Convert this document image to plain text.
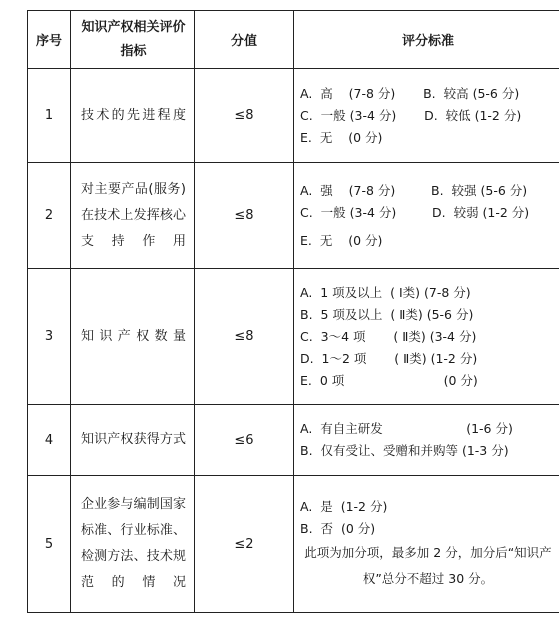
序号	知识产权相关评价指标	分值	评分标准
1	技术的先进程度	≤8	A.  高    (7-8 分)       B.  较高 (5-6 分)
C.  一般 (3-4 分)       D.  较低 (1-2 分)
E.  无    (0 分)

2	对主要产品(服务)在技术上发挥核心支持作用	≤8	A.  强    (7-8 分)         B.  较强 (5-6 分)
C.  一般 (3-4 分)         D.  较弱 (1-2 分)
E.  无    (0 分)

3	知识产权数量	≤8	A.  1 项及以上  ( Ⅰ类) (7-8 分)
B.  5 项及以上  ( Ⅱ类) (5-6 分)
C.  3～4 项       ( Ⅱ类) (3-4 分)
D.  1～2 项       ( Ⅱ类) (1-2 分)
E.  0 项                         (0 分)

4	知识产权获得方式	≤6	A.  有自主研发                     (1-6 分)
B.  仅有受让、受赠和并购等 (1-3 分)

5	企业参与编制国家标准、行业标准、检测方法、技术规范的情况	≤2	A.  是  (1-2 分)
B.  否  (0 分)
此项为加分项，最多加 2 分，加分后“知识产权”总分不超过 30 分。
